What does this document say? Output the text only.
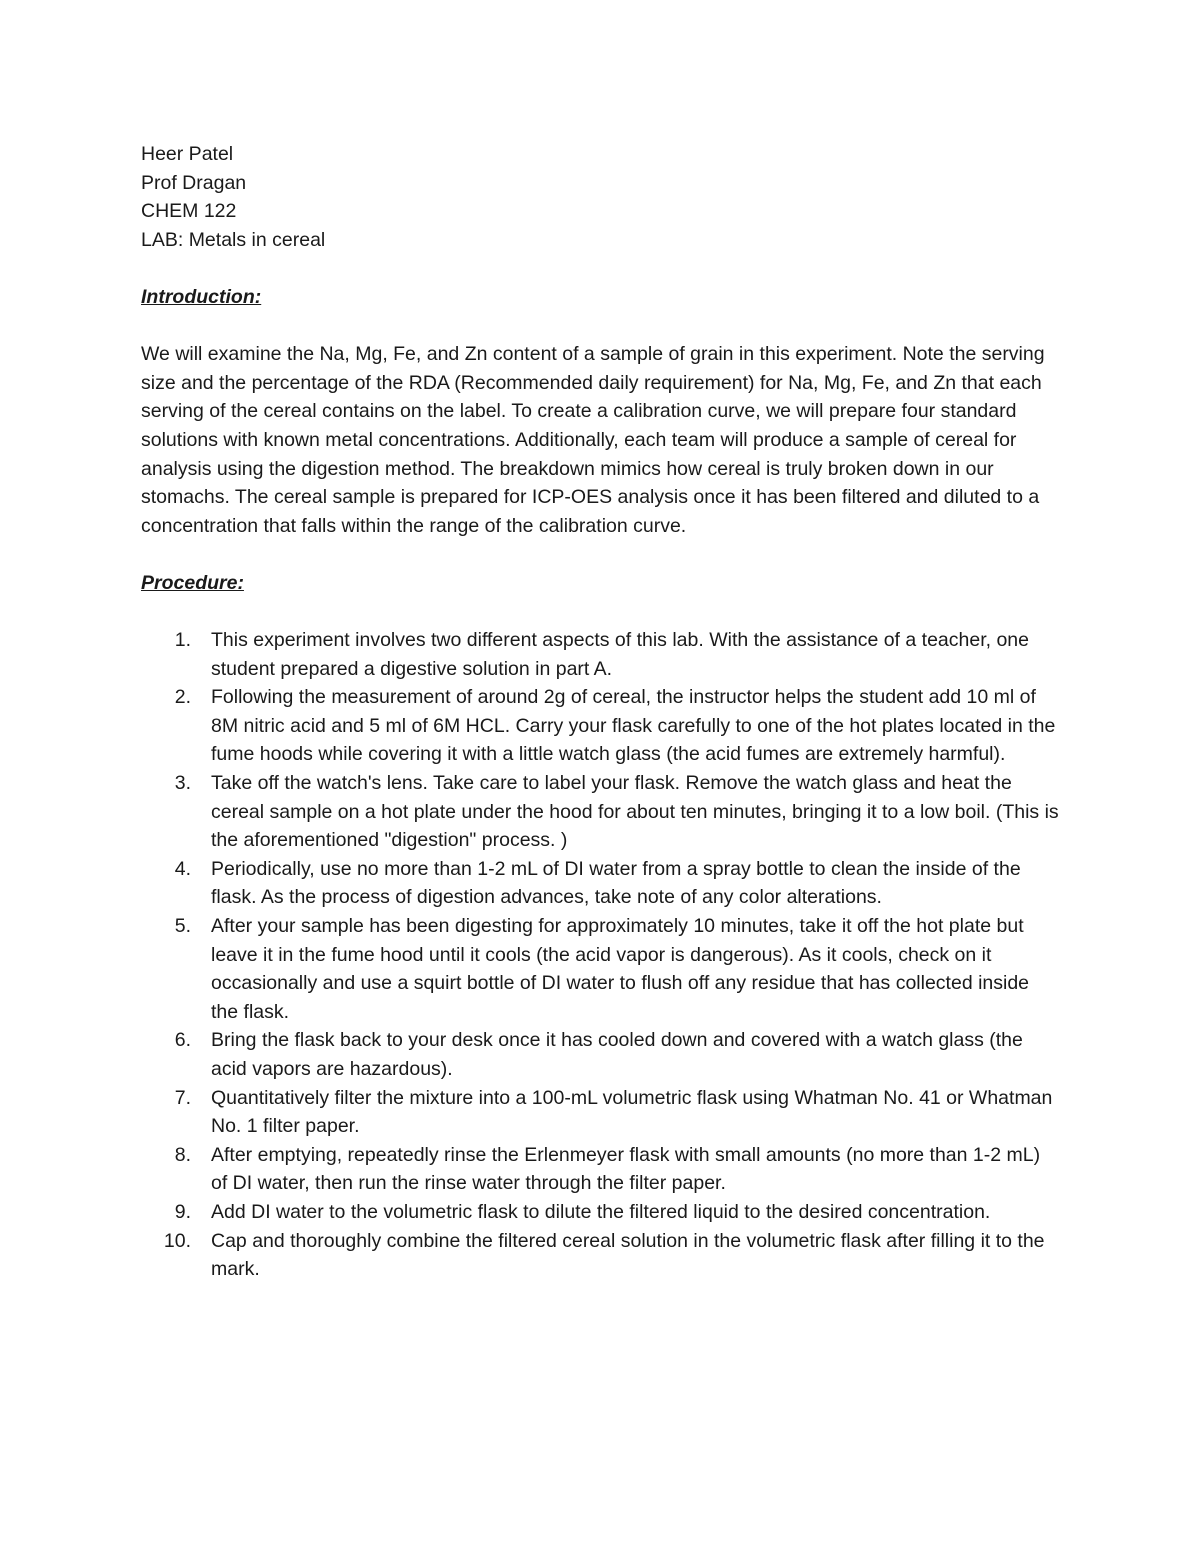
Heer Patel
Prof Dragan
CHEM 122
LAB: Metals in cereal

Introduction:

We will examine the Na, Mg, Fe, and Zn content of a sample of grain in this experiment. Note the serving size and the percentage of the RDA (Recommended daily requirement) for Na, Mg, Fe, and Zn that each serving of the cereal contains on the label. To create a calibration curve, we will prepare four standard solutions with known metal concentrations. Additionally, each team will produce a sample of cereal for analysis using the digestion method. The breakdown mimics how cereal is truly broken down in our stomachs. The cereal sample is prepared for ICP-OES analysis once it has been filtered and diluted to a concentration that falls within the range of the calibration curve.

Procedure:

1. This experiment involves two different aspects of this lab. With the assistance of a teacher, one student prepared a digestive solution in part A.
2. Following the measurement of around 2g of cereal, the instructor helps the student add 10 ml of 8M nitric acid and 5 ml of 6M HCL. Carry your flask carefully to one of the hot plates located in the fume hoods while covering it with a little watch glass (the acid fumes are extremely harmful).
3. Take off the watch's lens. Take care to label your flask. Remove the watch glass and heat the cereal sample on a hot plate under the hood for about ten minutes, bringing it to a low boil. (This is the aforementioned "digestion" process. )
4. Periodically, use no more than 1-2 mL of DI water from a spray bottle to clean the inside of the flask. As the process of digestion advances, take note of any color alterations.
5. After your sample has been digesting for approximately 10 minutes, take it off the hot plate but leave it in the fume hood until it cools (the acid vapor is dangerous). As it cools, check on it occasionally and use a squirt bottle of DI water to flush off any residue that has collected inside the flask.
6. Bring the flask back to your desk once it has cooled down and covered with a watch glass (the acid vapors are hazardous).
7. Quantitatively filter the mixture into a 100-mL volumetric flask using Whatman No. 41 or Whatman No. 1 filter paper.
8. After emptying, repeatedly rinse the Erlenmeyer flask with small amounts (no more than 1-2 mL) of DI water, then run the rinse water through the filter paper.
9. Add DI water to the volumetric flask to dilute the filtered liquid to the desired concentration.
10. Cap and thoroughly combine the filtered cereal solution in the volumetric flask after filling it to the mark.
